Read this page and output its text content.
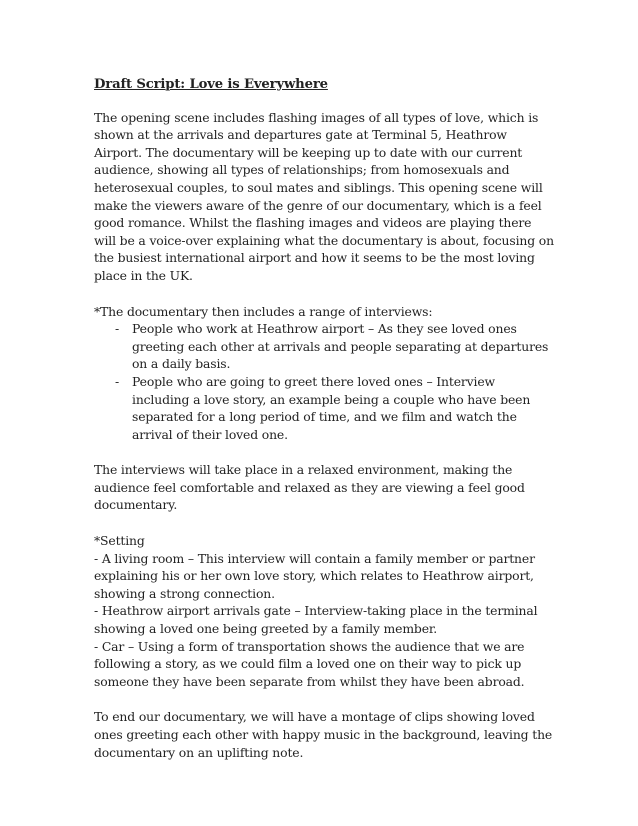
Draft Script: Love is Everywhere

The opening scene includes flashing images of all types of love, which is shown at the arrivals and departures gate at Terminal 5, Heathrow Airport. The documentary will be keeping up to date with our current audience, showing all types of relationships; from homosexuals and heterosexual couples, to soul mates and siblings. This opening scene will make the viewers aware of the genre of our documentary, which is a feel good romance. Whilst the flashing images and videos are playing there will be a voice-over explaining what the documentary is about, focusing on the busiest international airport and how it seems to be the most loving place in the UK.

*The documentary then includes a range of interviews:
- People who work at Heathrow airport – As they see loved ones greeting each other at arrivals and people separating at departures on a daily basis.
- People who are going to greet there loved ones – Interview including a love story, an example being a couple who have been separated for a long period of time, and we film and watch the arrival of their loved one.

The interviews will take place in a relaxed environment, making the audience feel comfortable and relaxed as they are viewing a feel good documentary.

*Setting
- A living room – This interview will contain a family member or partner explaining his or her own love story, which relates to Heathrow airport, showing a strong connection.
- Heathrow airport arrivals gate – Interview-taking place in the terminal showing a loved one being greeted by a family member.
- Car – Using a form of transportation shows the audience that we are following a story, as we could film a loved one on their way to pick up someone they have been separate from whilst they have been abroad.

To end our documentary, we will have a montage of clips showing loved ones greeting each other with happy music in the background, leaving the documentary on an uplifting note.
